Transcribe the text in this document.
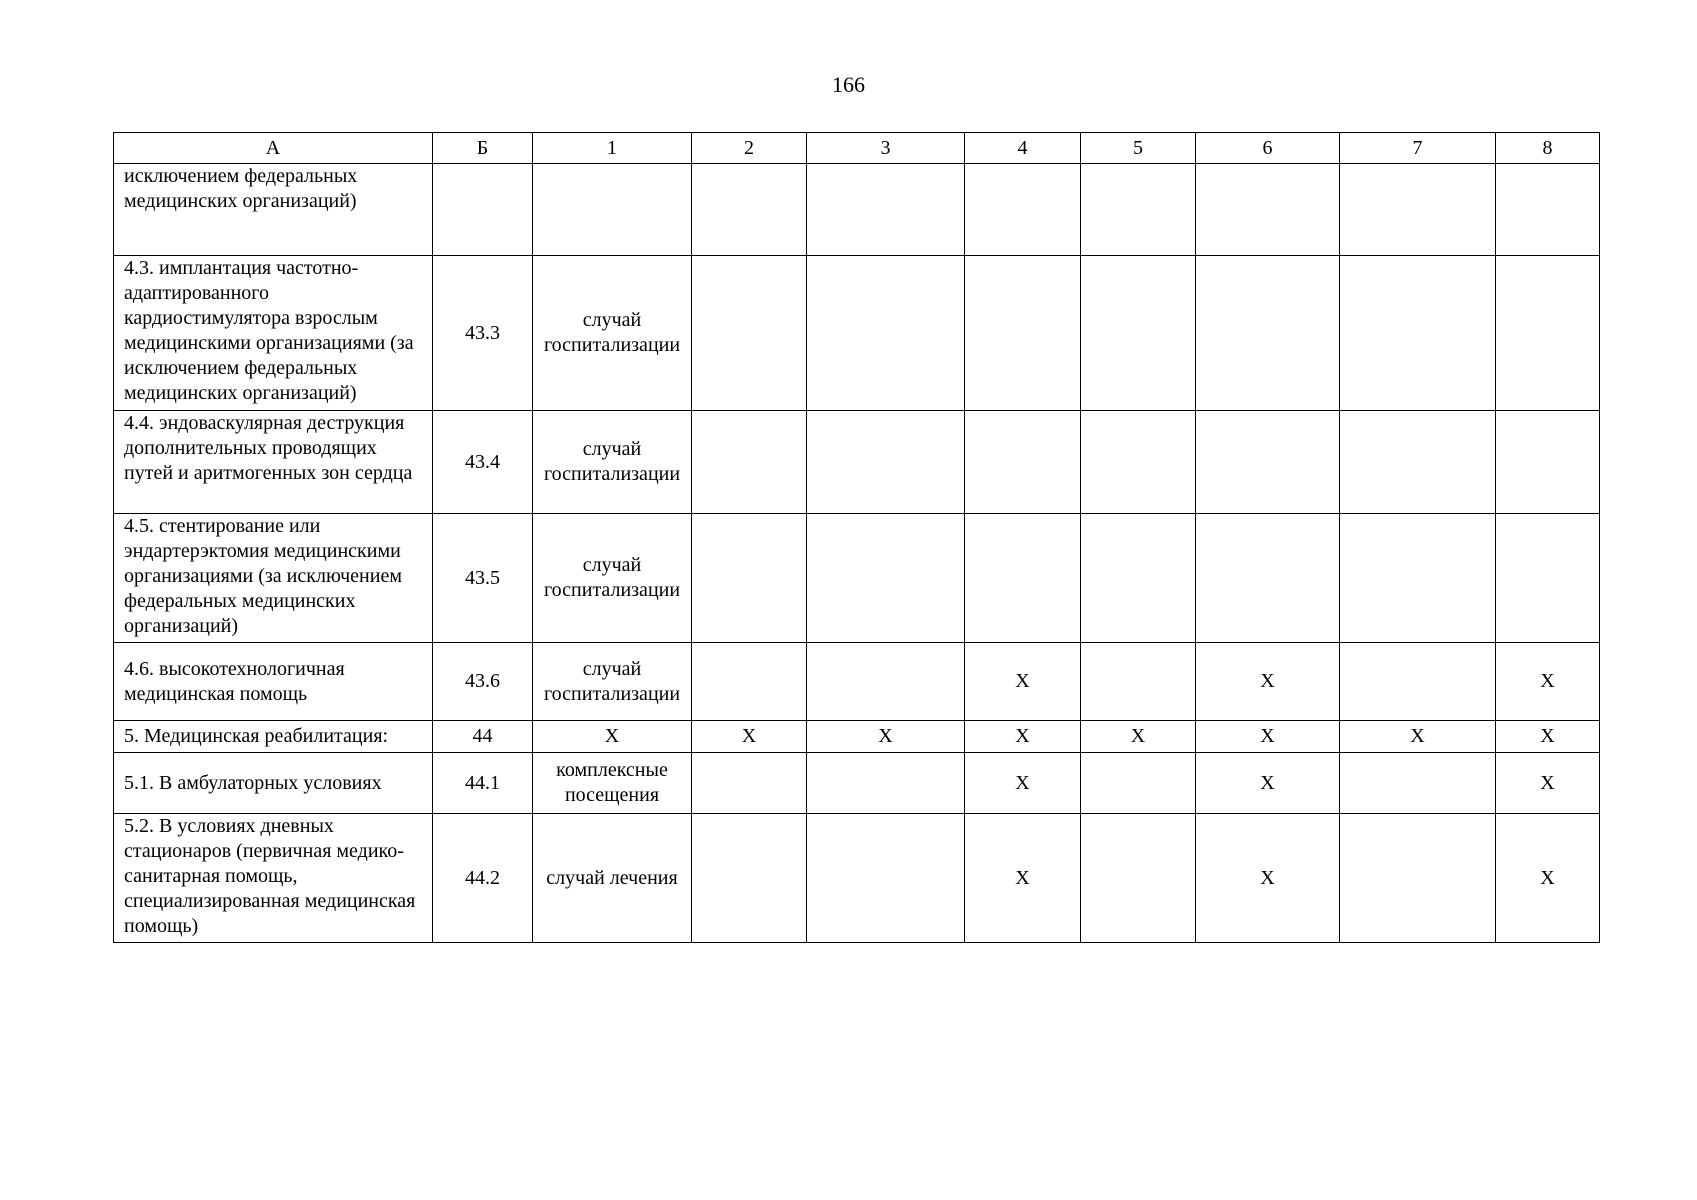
166
А	Б	1	2	3	4	5	6	7	8
исключением федеральных медицинских организаций)									
4.3. имплантация частотно-адаптированного кардиостимулятора взрослым медицинскими организациями (за исключением федеральных медицинских организаций)	43.3	случай госпитализации							
4.4. эндоваскулярная деструкция дополнительных проводящих путей и аритмогенных зон сердца	43.4	случай госпитализации							
4.5. стентирование или эндартерэктомия медицинскими организациями (за исключением федеральных медицинских организаций)	43.5	случай госпитализации							
4.6. высокотехнологичная медицинская помощь	43.6	случай госпитализации			X		X		X
5. Медицинская реабилитация:	44	X	X	X	X	X	X	X	X
5.1. В амбулаторных условиях	44.1	комплексные посещения			X		X		X
5.2. В условиях дневных стационаров (первичная медико-санитарная помощь, специализированная медицинская помощь)	44.2	случай лечения			X		X		X
